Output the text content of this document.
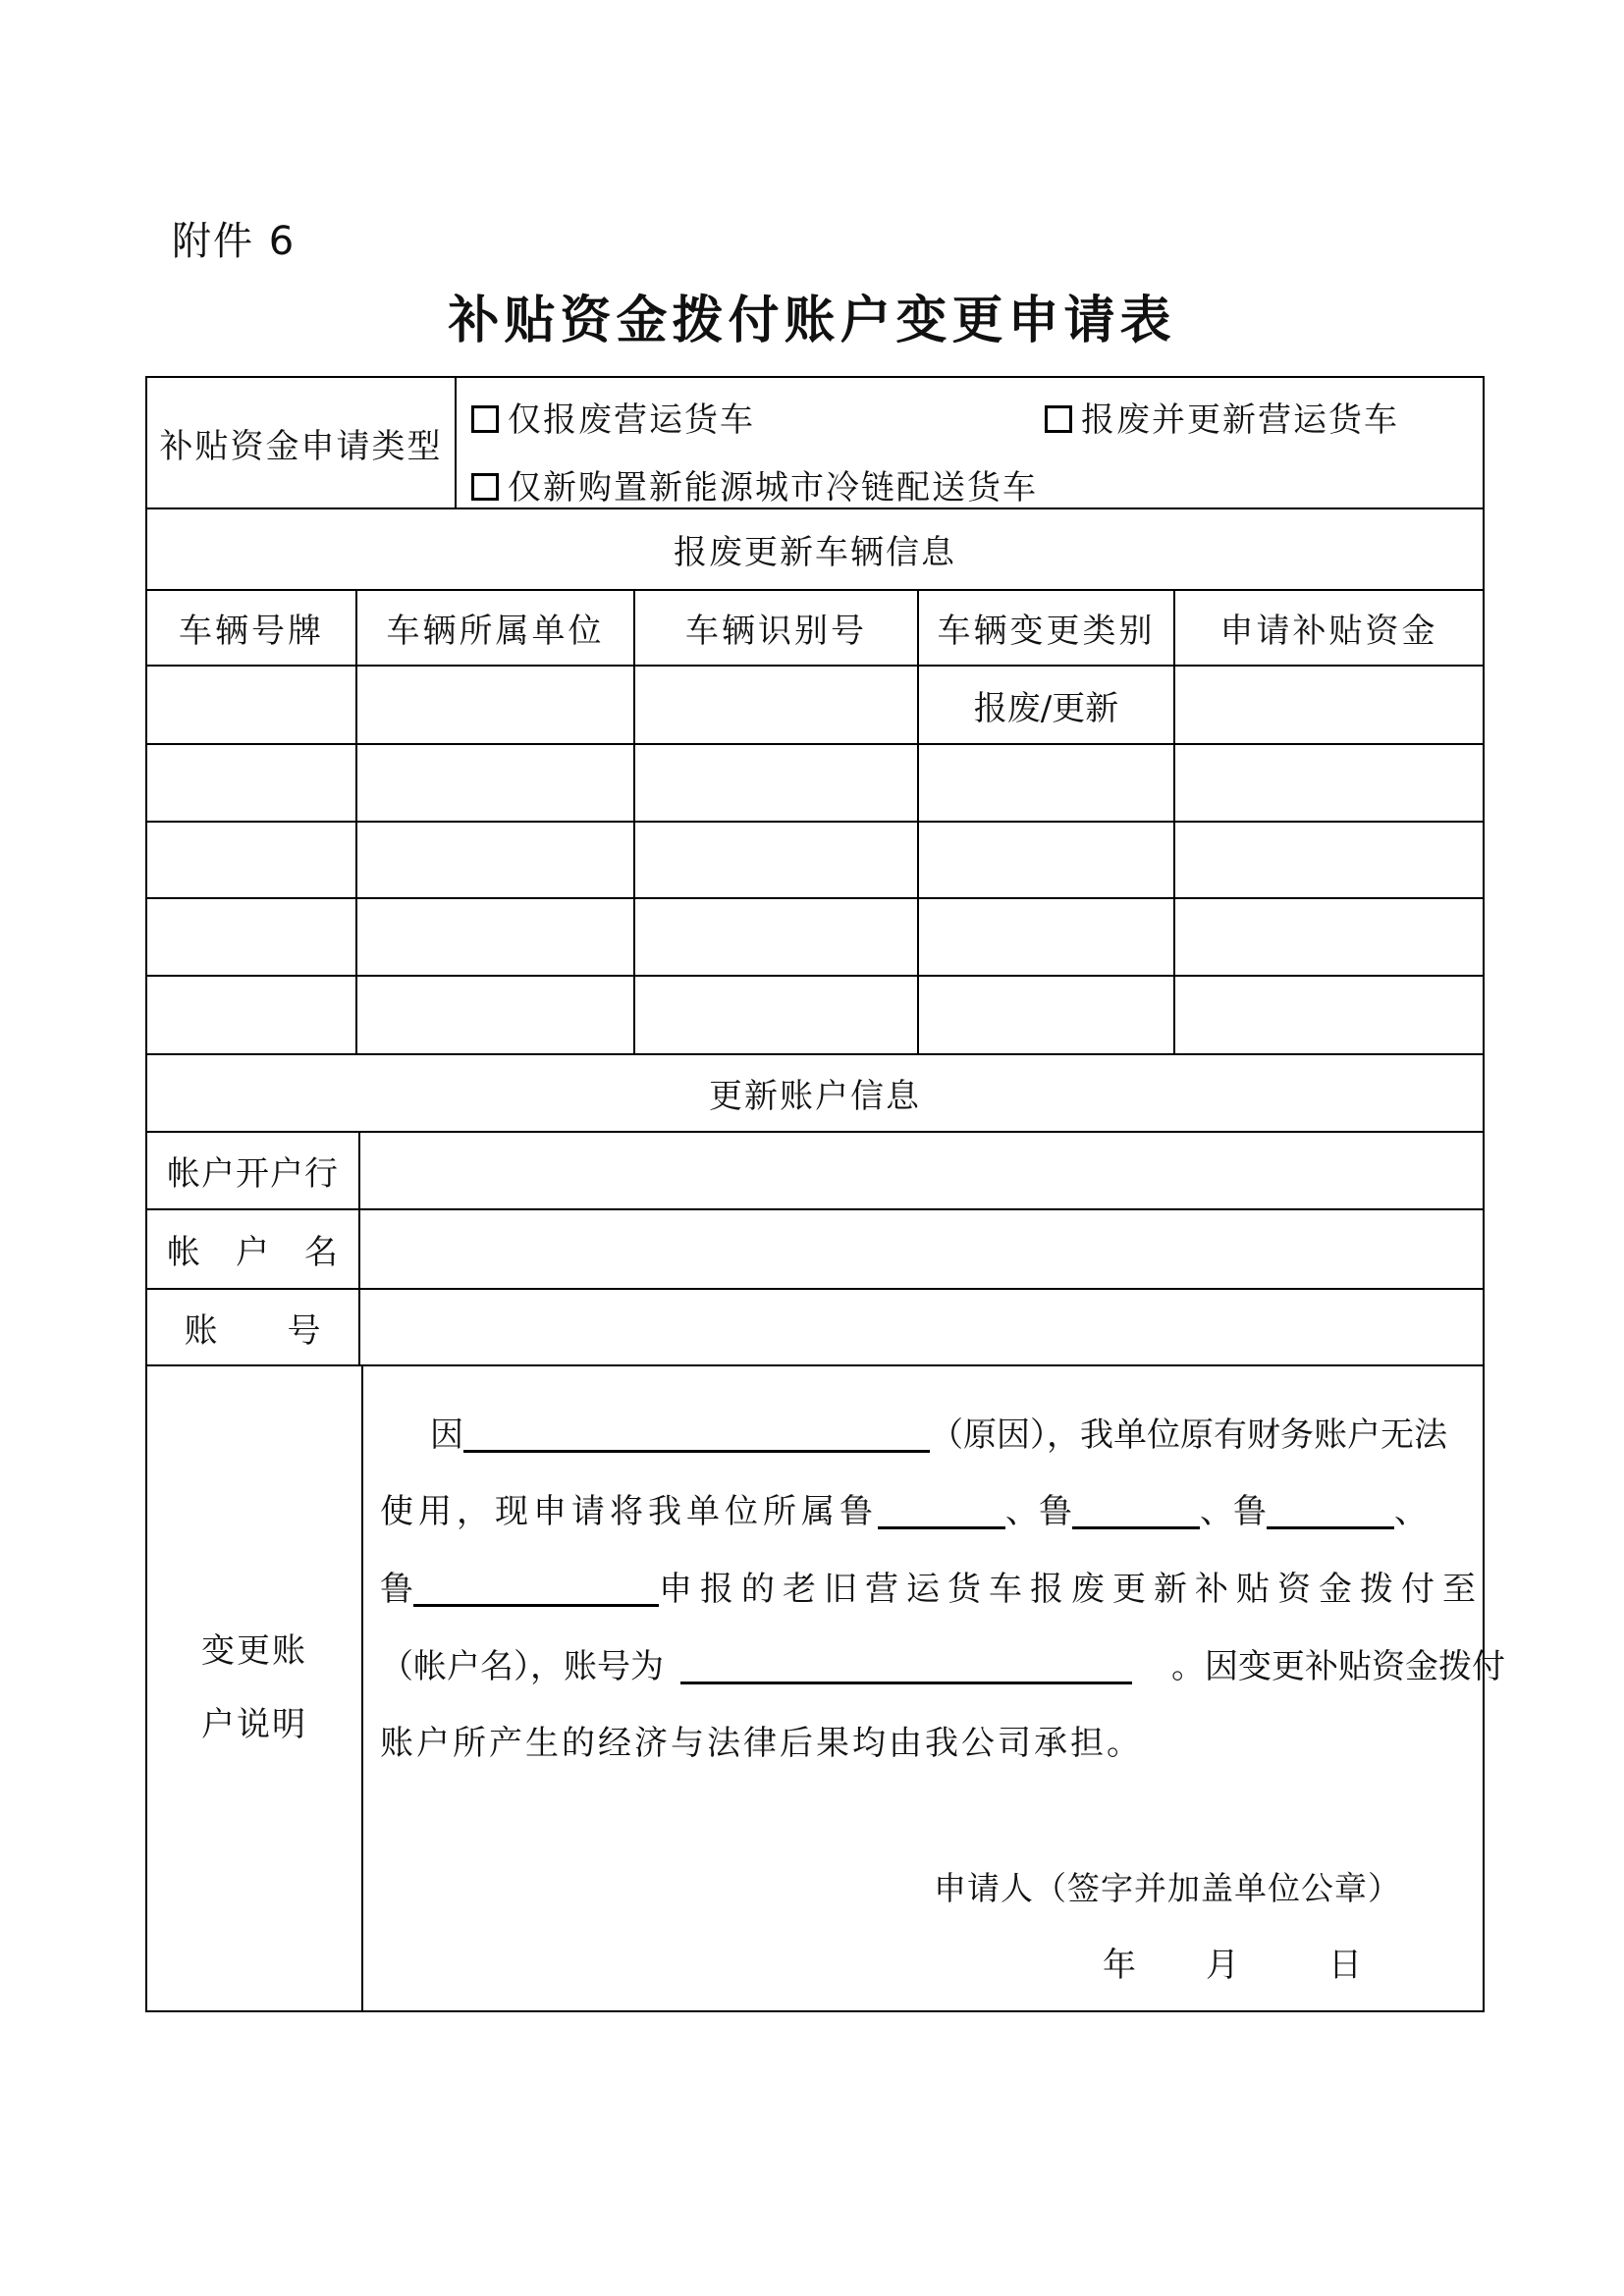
附件 6
补贴资金拨付账户变更申请表
补贴资金申请类型
仅报废营运货车	报废并更新营运货车
仅新购置新能源城市冷链配送货车
报废更新车辆信息
车辆号牌 车辆所属单位 车辆识别号 车辆变更类别 申请补贴资金
报废/更新
更新账户信息
帐户开户行
帐　户　名
账　　号
变更账
户说明
因	（原因），我单位原有财务账户无法
使用，现申请将我单位所属鲁	、鲁	、鲁	、
鲁	申报的老旧营运货车报废更新补贴资金拨付至
（帐户名），账号为	。因变更补贴资金拨付
账户所产生的经济与法律后果均由我公司承担。
申请人（签字并加盖单位公章）
年 月	日
